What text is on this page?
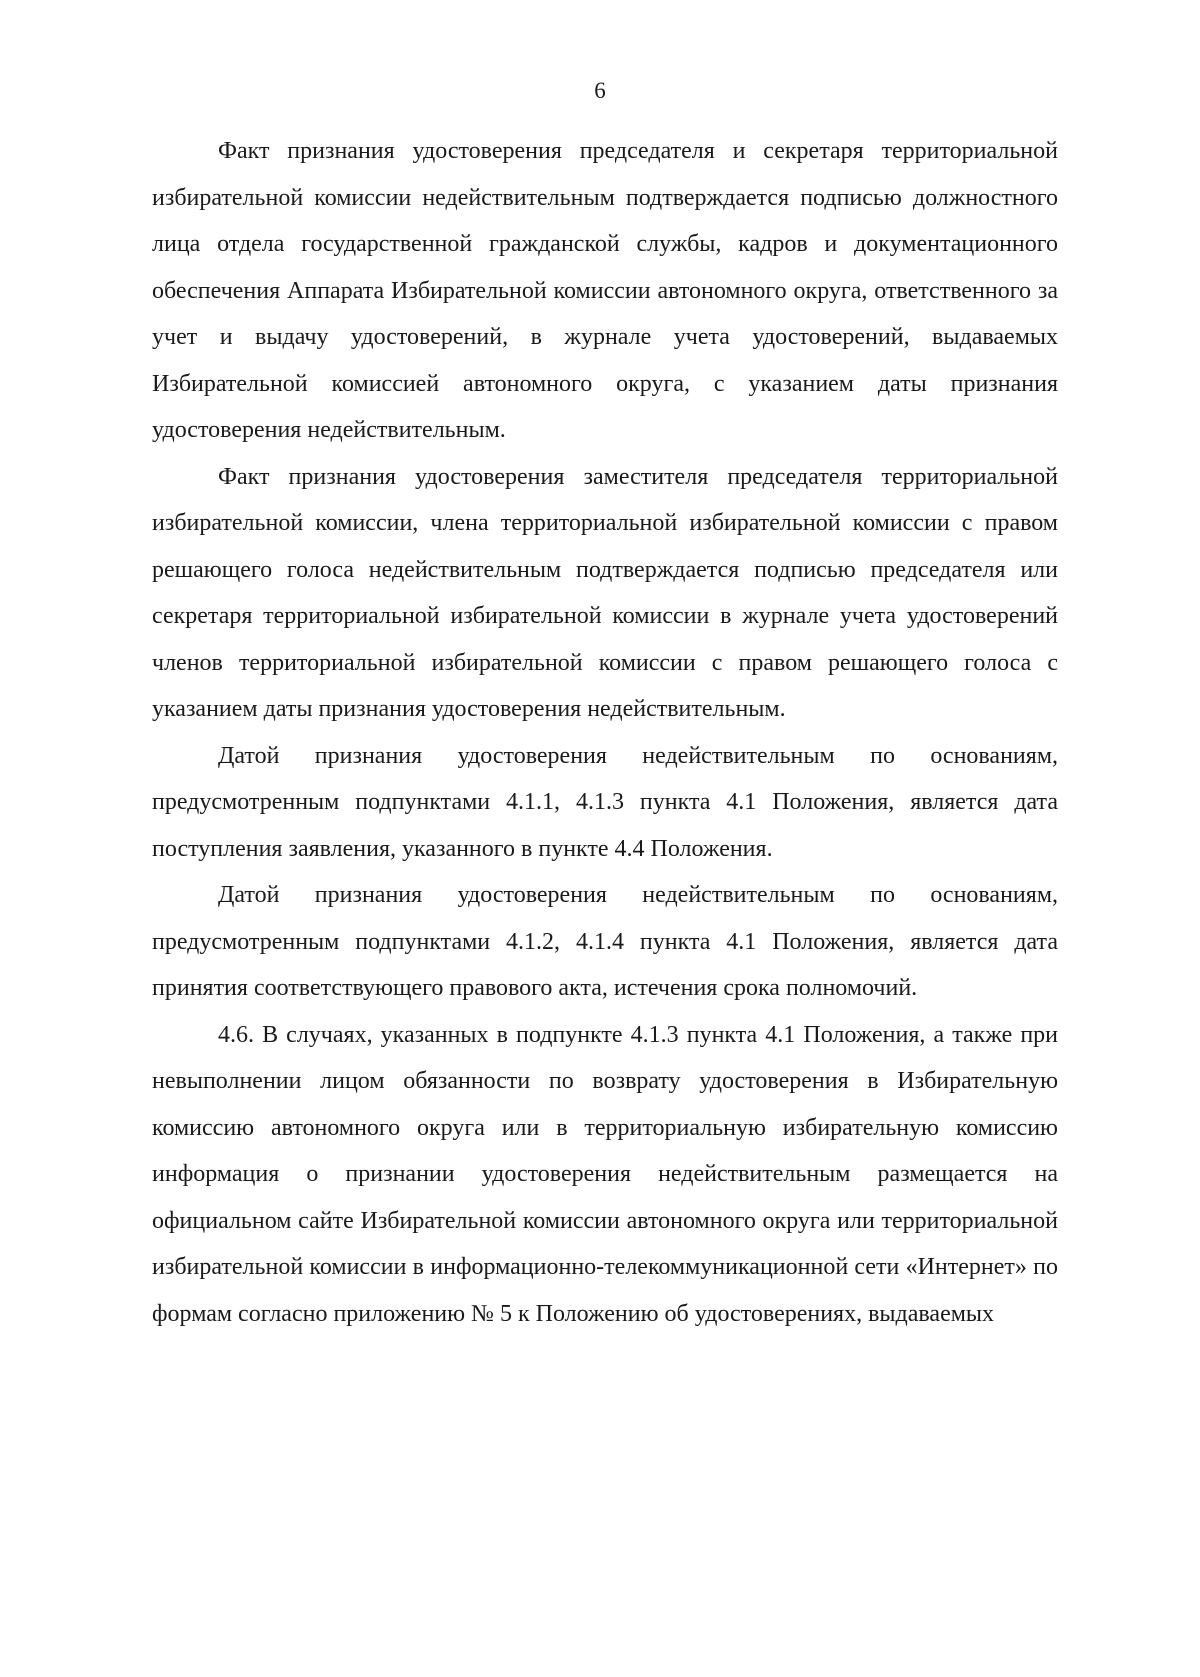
6

Факт признания удостоверения председателя и секретаря территориальной избирательной комиссии недействительным подтверждается подписью должностного лица отдела государственной гражданской службы, кадров и документационного обеспечения Аппарата Избирательной комиссии автономного округа, ответственного за учет и выдачу удостоверений, в журнале учета удостоверений, выдаваемых Избирательной комиссией автономного округа, с указанием даты признания удостоверения недействительным.

Факт признания удостоверения заместителя председателя территориальной избирательной комиссии, члена территориальной избирательной комиссии с правом решающего голоса недействительным подтверждается подписью председателя или секретаря территориальной избирательной комиссии в журнале учета удостоверений членов территориальной избирательной комиссии с правом решающего голоса с указанием даты признания удостоверения недействительным.

Датой признания удостоверения недействительным по основаниям, предусмотренным подпунктами 4.1.1, 4.1.3 пункта 4.1 Положения, является дата поступления заявления, указанного в пункте 4.4 Положения.

Датой признания удостоверения недействительным по основаниям, предусмотренным подпунктами 4.1.2, 4.1.4 пункта 4.1 Положения, является дата принятия соответствующего правового акта, истечения срока полномочий.

4.6. В случаях, указанных в подпункте 4.1.3 пункта 4.1 Положения, а также при невыполнении лицом обязанности по возврату удостоверения в Избирательную комиссию автономного округа или в территориальную избирательную комиссию информация о признании удостоверения недействительным размещается на официальном сайте Избирательной комиссии автономного округа или территориальной избирательной комиссии в информационно-телекоммуникационной сети «Интернет» по формам согласно приложению № 5 к Положению об удостоверениях, выдаваемых
